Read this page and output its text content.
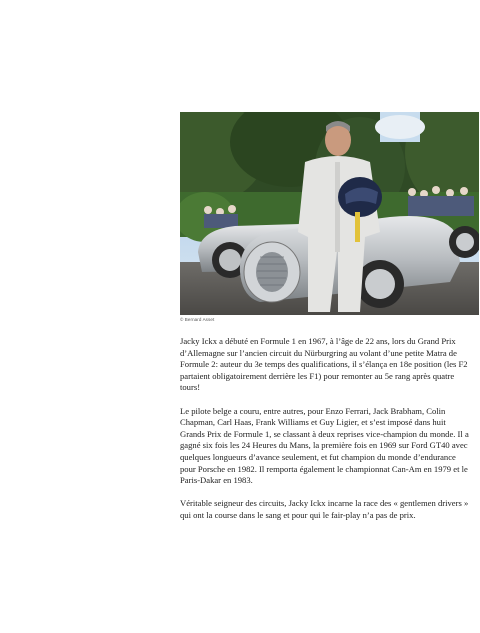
© Bernard Asset

Jacky Ickx a débuté en Formule 1 en 1967, à l’âge de 22 ans, lors du Grand Prix d’Allemagne sur l’ancien circuit du Nürburgring au volant d’une petite Matra de Formule 2: auteur du 3e temps des qualifications, il s’élança en 18e position (les F2 partaient obligatoirement derrière les F1) pour remonter au 5e rang après quatre tours!

Le pilote belge a couru, entre autres, pour Enzo Ferrari, Jack Brabham, Colin Chapman, Carl Haas, Frank Williams et Guy Ligier, et s’est imposé dans huit Grands Prix de Formule 1, se classant à deux reprises vice-champion du monde. Il a gagné six fois les 24 Heures du Mans, la première fois en 1969 sur Ford GT40 avec quelques longueurs d’avance seulement, et fut champion du monde d’endurance pour Porsche en 1982. Il remporta également le championnat Can-Am en 1979 et le Paris-Dakar en 1983.

Véritable seigneur des circuits, Jacky Ickx incarne la race des « gentlemen drivers » qui ont la course dans le sang et pour qui le fair-play n’a pas de prix.
